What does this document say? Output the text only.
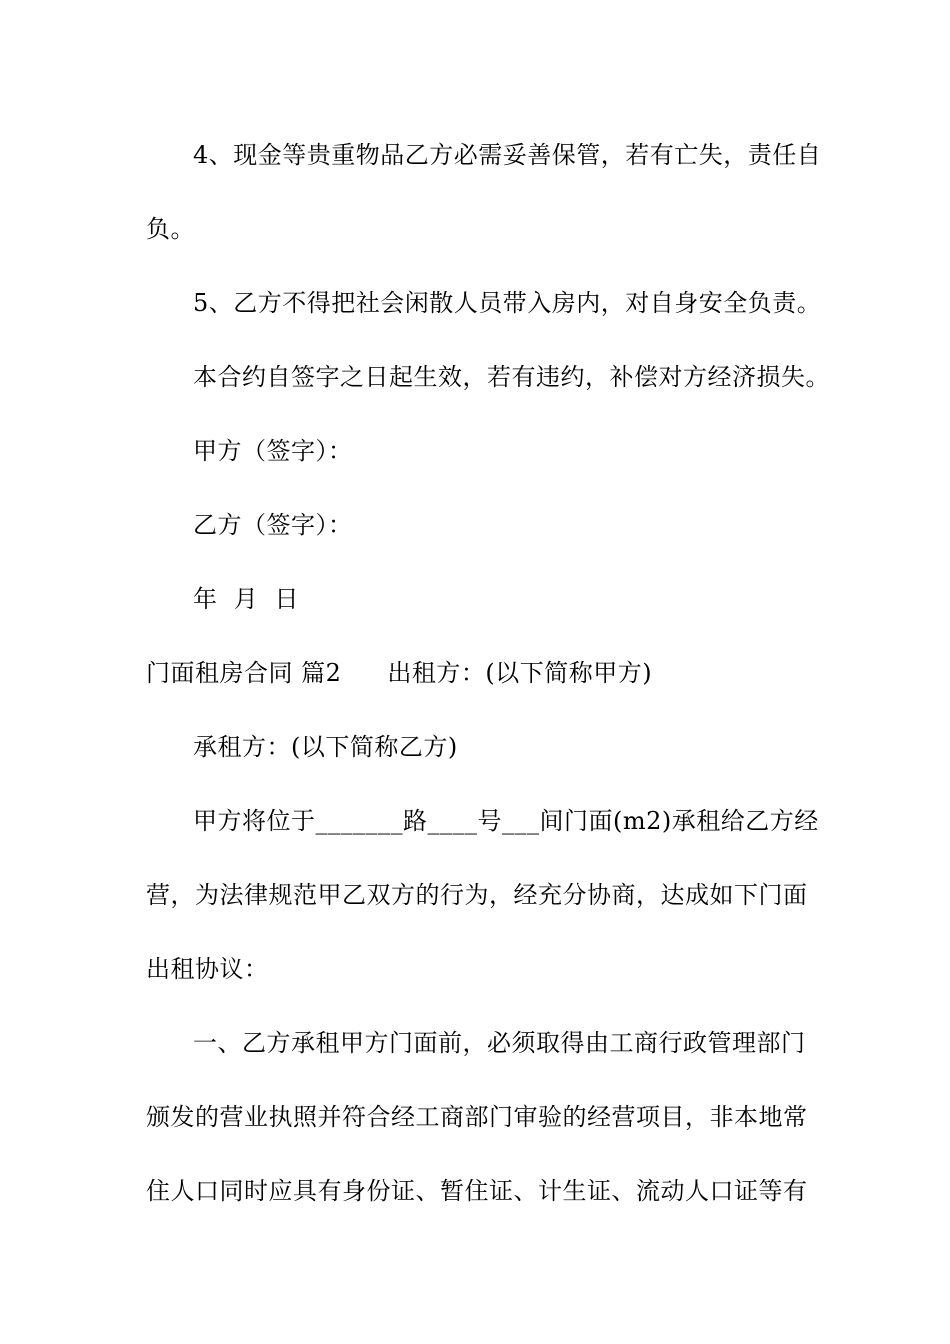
4、现金等贵重物品乙方必需妥善保管，若有亡失，责任自
负。
5、乙方不得把社会闲散人员带入房内，对自身安全负责。
本合约自签字之日起生效，若有违约，补偿对方经济损失。
甲方（签字）：
乙方（签字）：
年  月  日
门面租房合同 篇2 出租方：(以下简称甲方)
承租方：(以下简称乙方)
甲方将位于_______路____号___间门面(m2)承租给乙方经
营，为法律规范甲乙双方的行为，经充分协商，达成如下门面
出租协议：
一、乙方承租甲方门面前，必须取得由工商行政管理部门
颁发的营业执照并符合经工商部门审验的经营项目，非本地常
住人口同时应具有身份证、暂住证、计生证、流动人口证等有
